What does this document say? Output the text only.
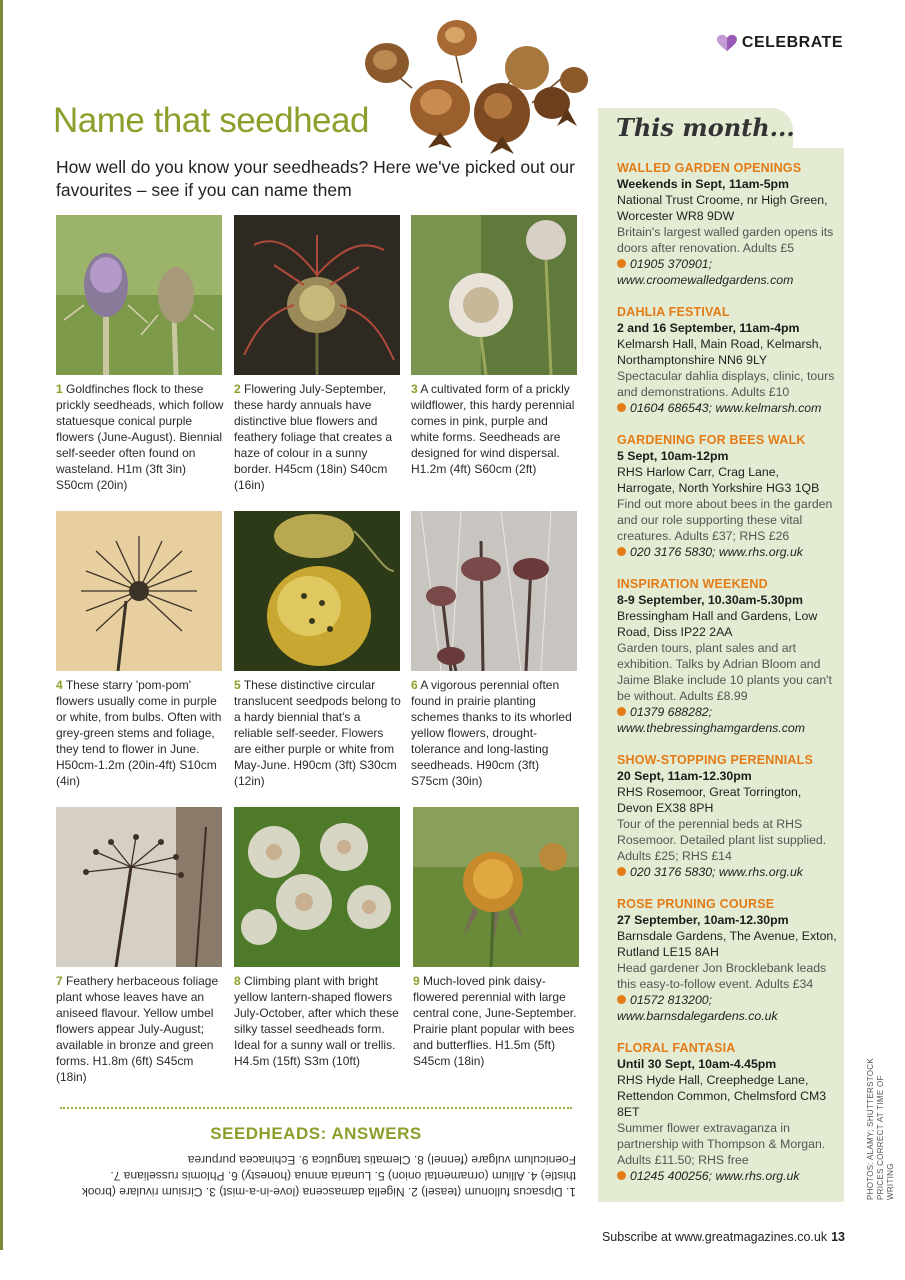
CELEBRATE
Name that seedhead

How well do you know your seedheads? Here we've picked out our favourites – see if you can name them

1 Goldfinches flock to these prickly seedheads, which follow statuesque conical purple flowers (June-August). Biennial self-seeder often found on wasteland. H1m (3ft 3in) S50cm (20in)

2 Flowering July-September, these hardy annuals have distinctive blue flowers and feathery foliage that creates a haze of colour in a sunny border. H45cm (18in) S40cm (16in)

3 A cultivated form of a prickly wildflower, this hardy perennial comes in pink, purple and white forms. Seedheads are designed for wind dispersal. H1.2m (4ft) S60cm (2ft)

4 These starry 'pom-pom' flowers usually come in purple or white, from bulbs. Often with grey-green stems and foliage, they tend to flower in June. H50cm-1.2m (20in-4ft) S10cm (4in)

5 These distinctive circular translucent seedpods belong to a hardy biennial that's a reliable self-seeder. Flowers are either purple or white from May-June. H90cm (3ft) S30cm (12in)

6 A vigorous perennial often found in prairie planting schemes thanks to its whorled yellow flowers, drought-tolerance and long-lasting seedheads. H90cm (3ft) S75cm (30in)

7 Feathery herbaceous foliage plant whose leaves have an aniseed flavour. Yellow umbel flowers appear July-August; available in bronze and green forms. H1.8m (6ft) S45cm (18in)

8 Climbing plant with bright yellow lantern-shaped flowers July-October, after which these silky tassel seedheads form. Ideal for a sunny wall or trellis. H4.5m (15ft) S3m (10ft)

9 Much-loved pink daisy-flowered perennial with large central cone, June-September. Prairie plant popular with bees and butterflies. H1.5m (5ft) S45cm (18in)

SEEDHEADS: ANSWERS

1. Dipsacus fullonum (teasel) 2. Nigella damascena (love-in-a-mist) 3. Cirsium rivulare (brook thistle) 4. Allium (ornamental onion) 5. Lunaria annua (honesty) 6. Phlomis russeliana 7. Foeniculum vulgare (fennel) 8. Clematis tangutica 9. Echinacea purpurea

This month...
WALLED GARDEN OPENINGS
Weekends in Sept, 11am-5pm
National Trust Croome, nr High Green, Worcester WR8 9DW
Britain's largest walled garden opens its doors after renovation. Adults £5
01905 370901; www.croomewalledgardens.com
DAHLIA FESTIVAL
2 and 16 September, 11am-4pm
Kelmarsh Hall, Main Road, Kelmarsh, Northamptonshire NN6 9LY
Spectacular dahlia displays, clinic, tours and demonstrations. Adults £10
01604 686543; www.kelmarsh.com
GARDENING FOR BEES WALK
5 Sept, 10am-12pm
RHS Harlow Carr, Crag Lane, Harrogate, North Yorkshire HG3 1QB
Find out more about bees in the garden and our role supporting these vital creatures. Adults £37; RHS £26
020 3176 5830; www.rhs.org.uk
INSPIRATION WEEKEND
8-9 September, 10.30am-5.30pm
Bressingham Hall and Gardens, Low Road, Diss IP22 2AA
Garden tours, plant sales and art exhibition. Talks by Adrian Bloom and Jaime Blake include 10 plants you can't be without. Adults £8.99
01379 688282; www.thebressinghamgardens.com
SHOW-STOPPING PERENNIALS
20 Sept, 11am-12.30pm
RHS Rosemoor, Great Torrington, Devon EX38 8PH
Tour of the perennial beds at RHS Rosemoor. Detailed plant list supplied. Adults £25; RHS £14
020 3176 5830; www.rhs.org.uk
ROSE PRUNING COURSE
27 September, 10am-12.30pm
Barnsdale Gardens, The Avenue, Exton, Rutland LE15 8AH
Head gardener Jon Brocklebank leads this easy-to-follow event. Adults £34
01572 813200; www.barnsdalegardens.co.uk
FLORAL FANTASIA
Until 30 Sept, 10am-4.45pm
RHS Hyde Hall, Creephedge Lane, Rettendon Common, Chelmsford CM3 8ET
Summer flower extravaganza in partnership with Thompson & Morgan. Adults £11.50; RHS free
01245 400256; www.rhs.org.uk	PHOTOS: ALAMY; SHUTTERSTOCK
PRICES CORRECT AT TIME OF WRITING

Subscribe at www.greatmagazines.co.uk 13
